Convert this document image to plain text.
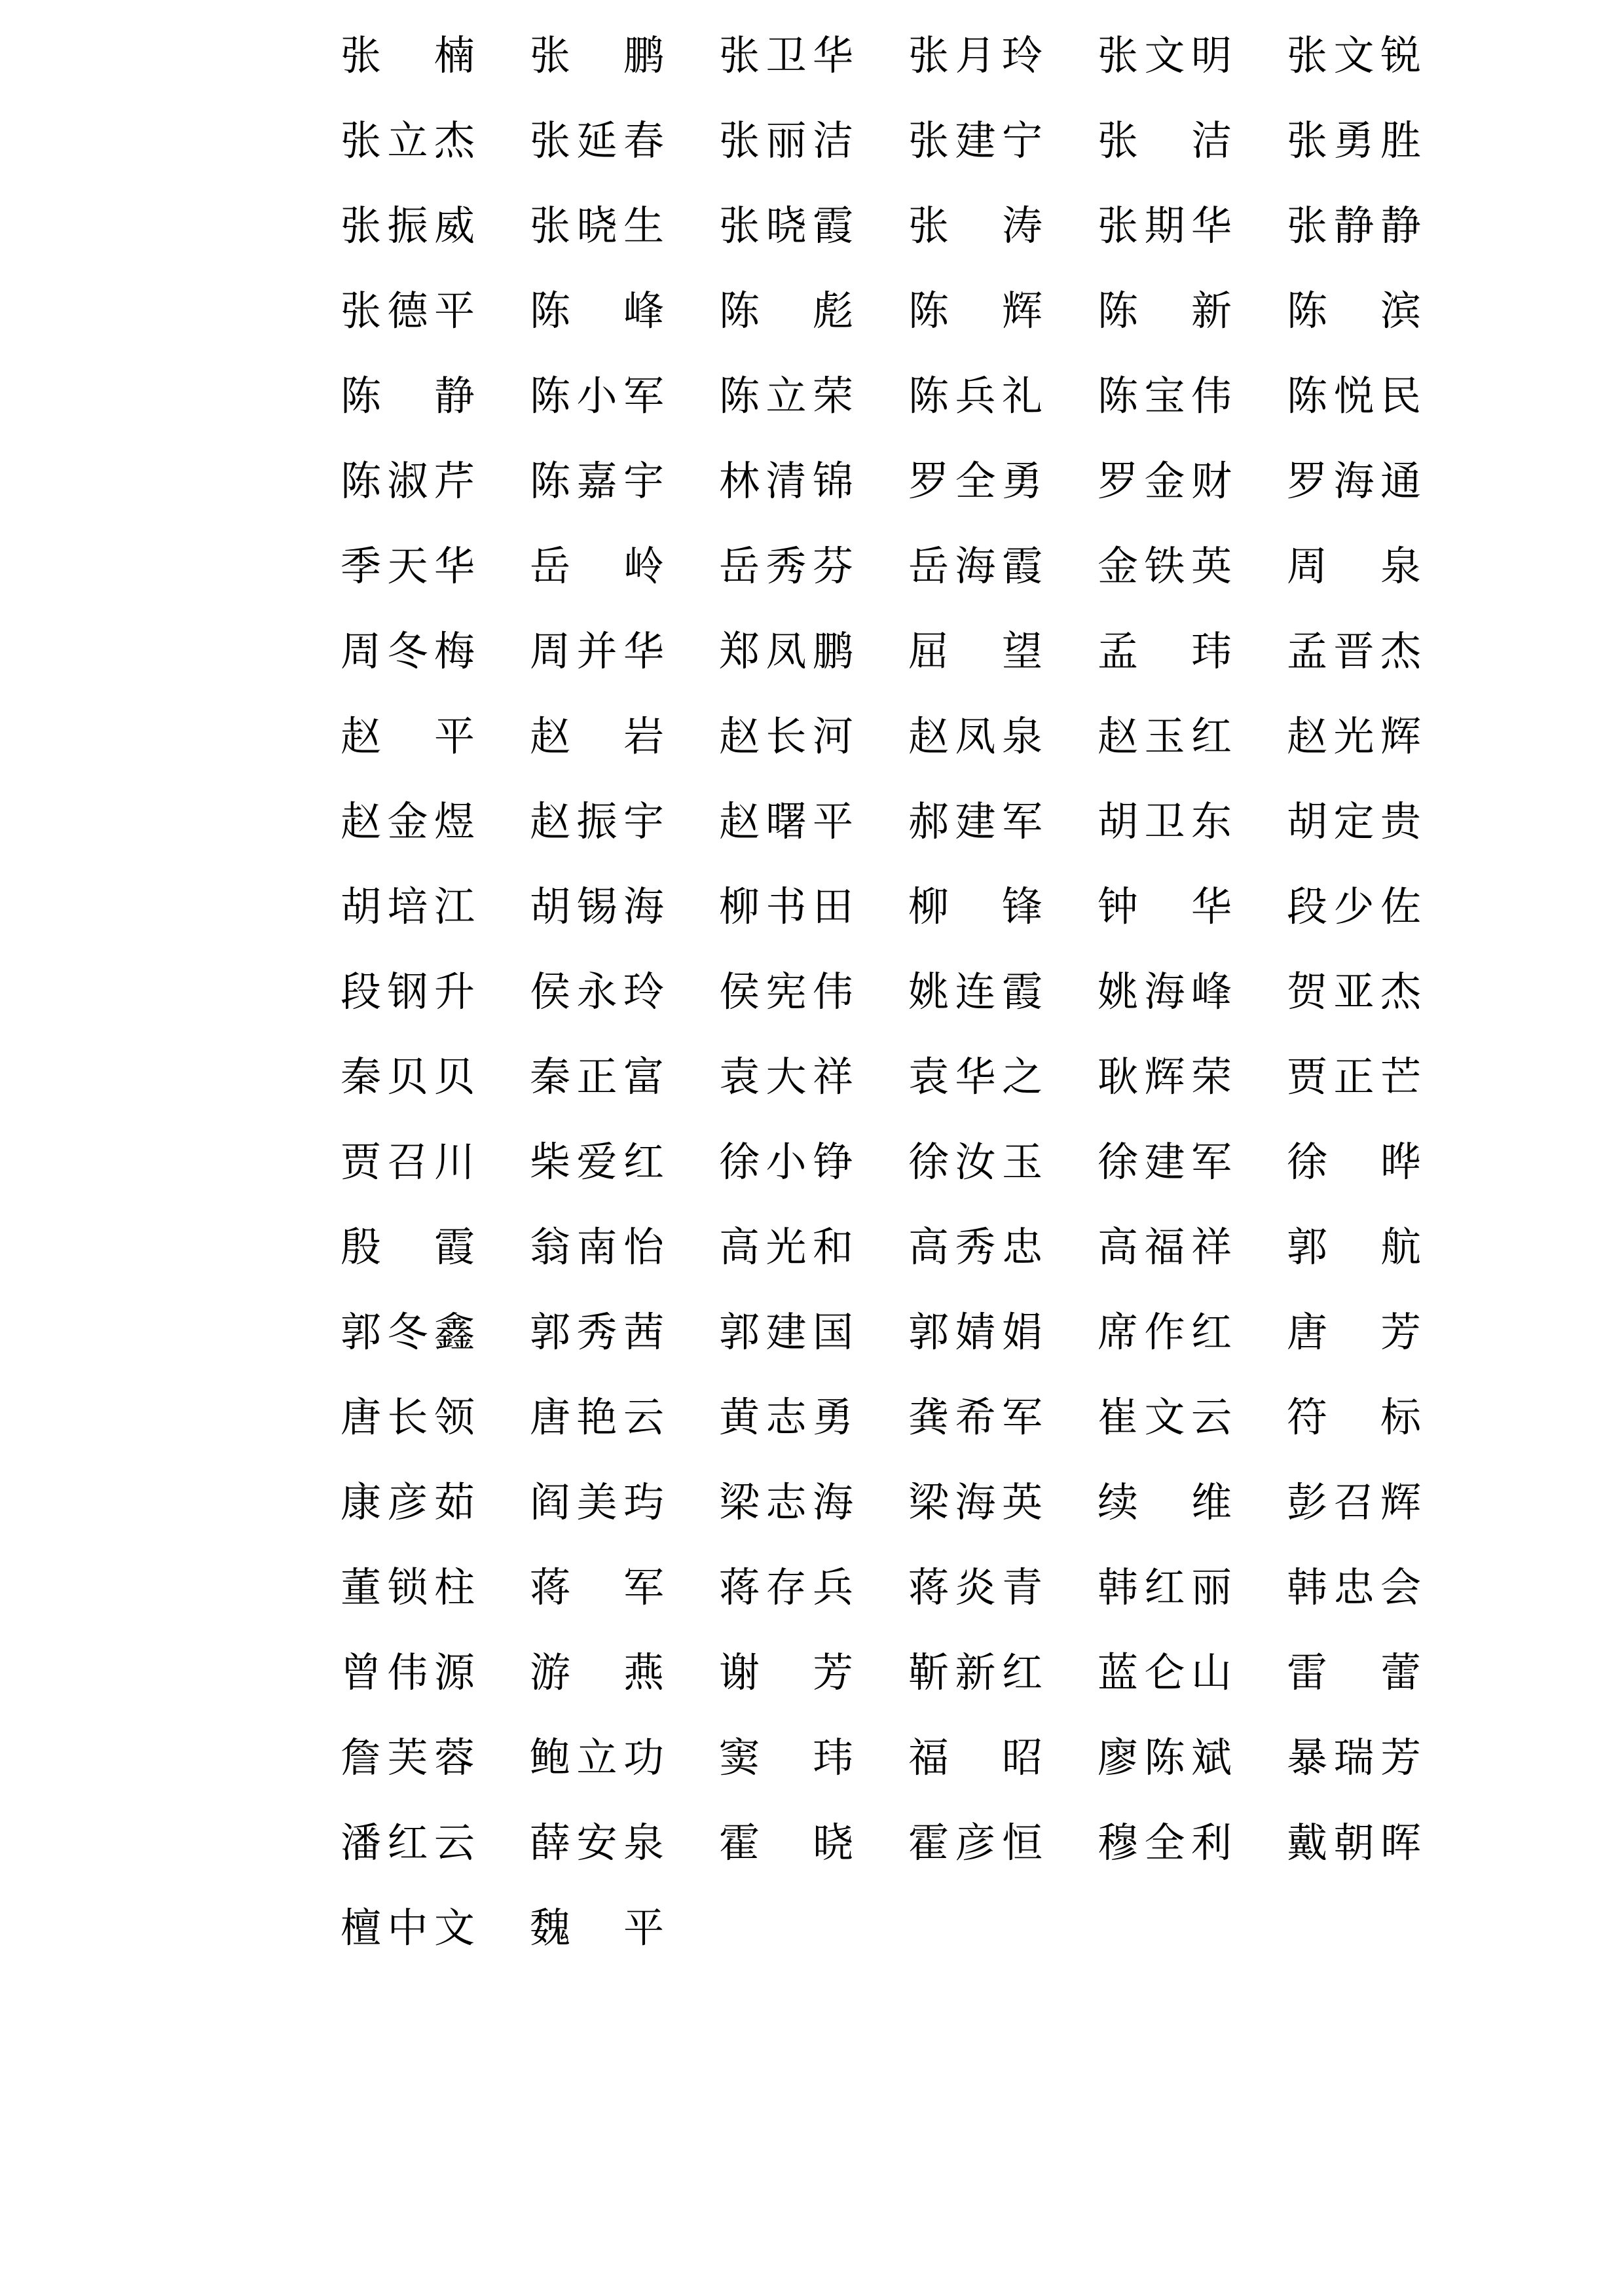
张 楠 张 鹏 张 卫 华 张 月 玲 张 文 明 张 文 锐
张 立 杰 张 延 春 张 丽 洁 张 建 宁 张 洁 张 勇 胜
张 振 威 张 晓 生 张 晓 霞 张 涛 张 期 华 张 静 静
张 德 平 陈 峰 陈 彪 陈 辉 陈 新 陈 滨
陈 静 陈 小 军 陈 立 荣 陈 兵 礼 陈 宝 伟 陈 悦 民
陈 淑 芹 陈 嘉 宇 林 清 锦 罗 全 勇 罗 金 财 罗 海 通
季 天 华 岳 岭 岳 秀 芬 岳 海 霞 金 铁 英 周 泉
周 冬 梅 周 并 华 郑 凤 鹏 屈 望 孟 玮 孟 晋 杰
赵 平 赵 岩 赵 长 河 赵 凤 泉 赵 玉 红 赵 光 辉
赵 金 煜 赵 振 宇 赵 曙 平 郝 建 军 胡 卫 东 胡 定 贵
胡 培 江 胡 锡 海 柳 书 田 柳 锋 钟 华 段 少 佐
段 钢 升 侯 永 玲 侯 宪 伟 姚 连 霞 姚 海 峰 贺 亚 杰
秦 贝 贝 秦 正 富 袁 大 祥 袁 华 之 耿 辉 荣 贾 正 芒
贾 召 川 柴 爱 红 徐 小 铮 徐 汝 玉 徐 建 军 徐 晔
殷 霞 翁 南 怡 高 光 和 高 秀 忠 高 福 祥 郭 航
郭 冬 鑫 郭 秀 茜 郭 建 国 郭 婧 娟 席 作 红 唐 芳
唐 长 领 唐 艳 云 黄 志 勇 龚 希 军 崔 文 云 符 标
康 彦 茹 阎 美 玙 梁 志 海 梁 海 英 续 维 彭 召 辉
董 锁 柱 蒋 军 蒋 存 兵 蒋 炎 青 韩 红 丽 韩 忠 会
曾 伟 源 游 燕 谢 芳 靳 新 红 蓝 仑 山 雷 蕾
詹 芙 蓉 鲍 立 功 窦 玮 福 昭 廖 陈 斌 暴 瑞 芳
潘 红 云 薛 安 泉 霍 晓 霍 彦 恒 穆 全 利 戴 朝 晖
檀 中 文 魏 平
